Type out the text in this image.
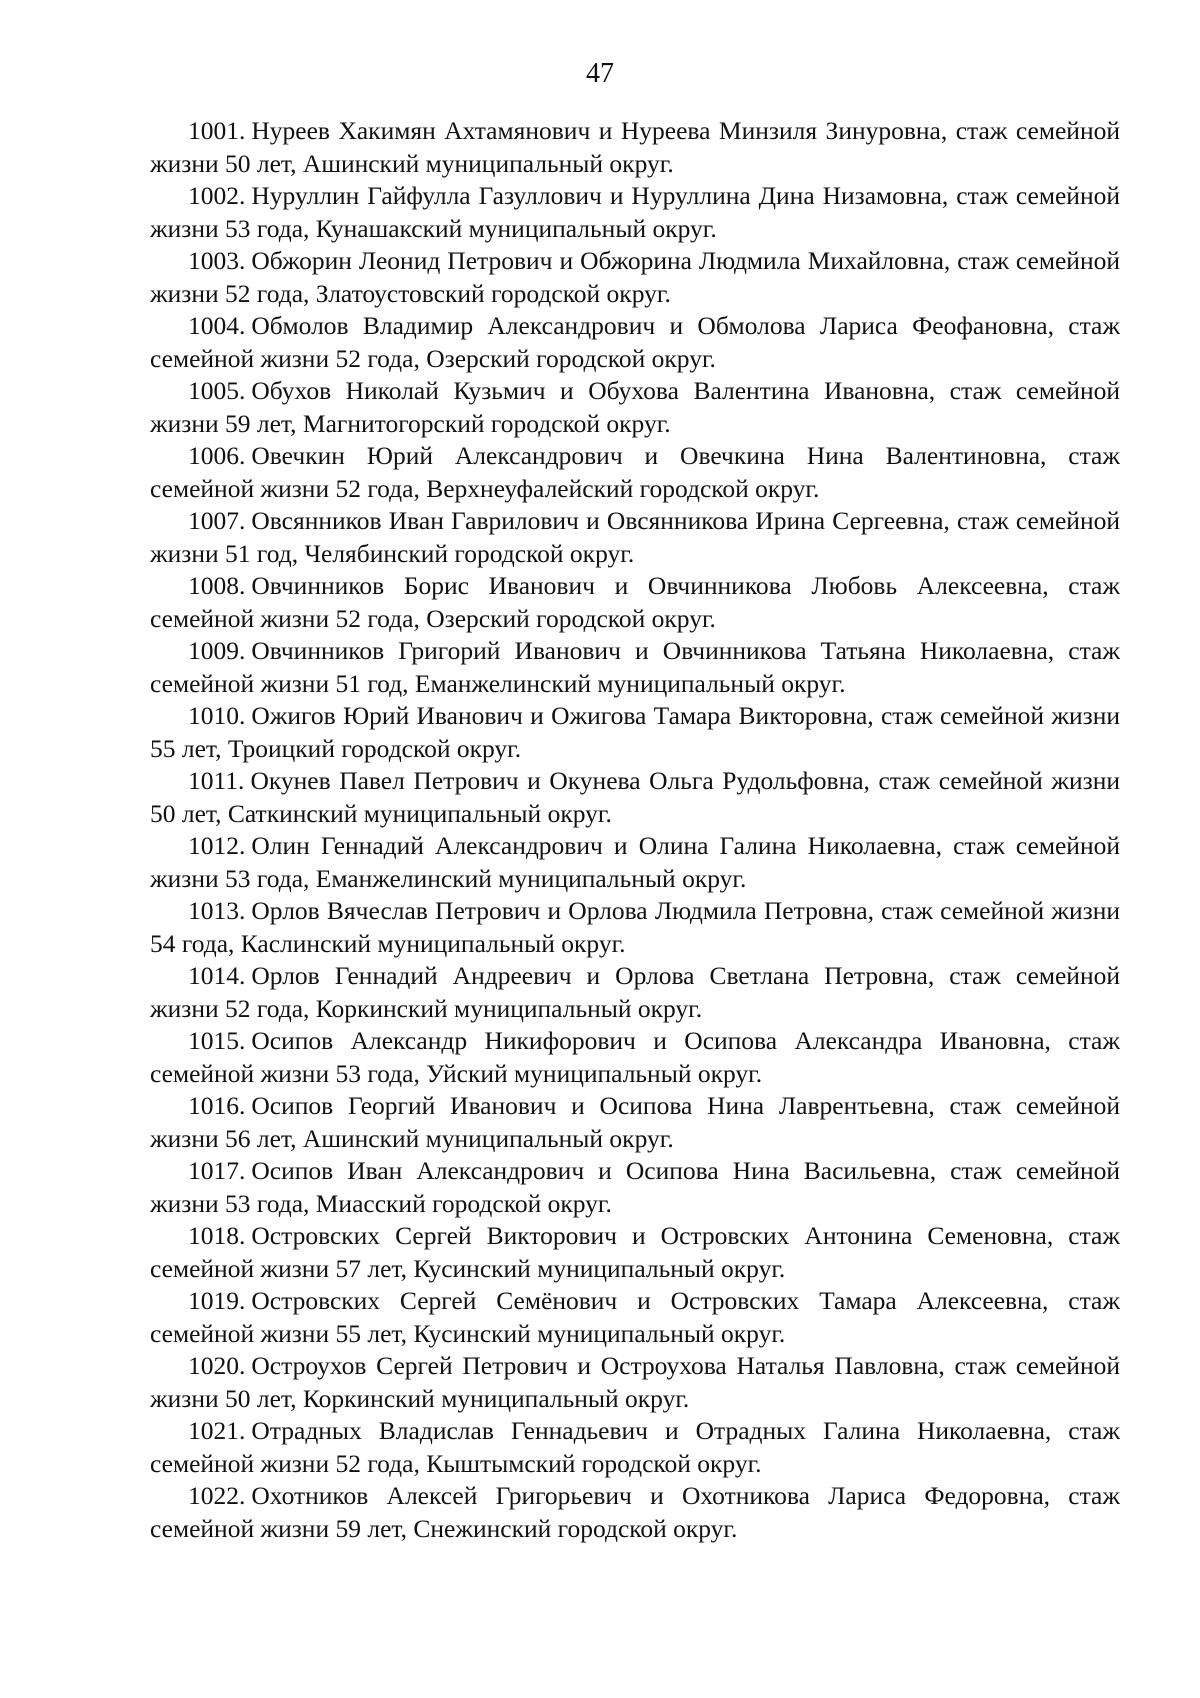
47

1001. Нуреев Хакимян Ахтамянович и Нуреева Минзиля Зинуровна, стаж семейной жизни 50 лет, Ашинский муниципальный округ.

1002. Нуруллин Гайфулла Газуллович и Нуруллина Дина Низамовна, стаж семейной жизни 53 года, Кунашакский муниципальный округ.

1003. Обжорин Леонид Петрович и Обжорина Людмила Михайловна, стаж семейной жизни 52 года, Златоустовский городской округ.

1004. Обмолов Владимир Александрович и Обмолова Лариса Феофановна, стаж семейной жизни 52 года, Озерский городской округ.

1005. Обухов Николай Кузьмич и Обухова Валентина Ивановна, стаж семейной жизни 59 лет, Магнитогорский городской округ.

1006. Овечкин Юрий Александрович и Овечкина Нина Валентиновна, стаж семейной жизни 52 года, Верхнеуфалейский городской округ.

1007. Овсянников Иван Гаврилович и Овсянникова Ирина Сергеевна, стаж семейной жизни 51 год, Челябинский городской округ.

1008. Овчинников Борис Иванович и Овчинникова Любовь Алексеевна, стаж семейной жизни 52 года, Озерский городской округ.

1009. Овчинников Григорий Иванович и Овчинникова Татьяна Николаевна, стаж семейной жизни 51 год, Еманжелинский муниципальный округ.

1010. Ожигов Юрий Иванович и Ожигова Тамара Викторовна, стаж семейной жизни 55 лет, Троицкий городской округ.

1011. Окунев Павел Петрович и Окунева Ольга Рудольфовна, стаж семейной жизни 50 лет, Саткинский муниципальный округ.

1012. Олин Геннадий Александрович и Олина Галина Николаевна, стаж семейной жизни 53 года, Еманжелинский муниципальный округ.

1013. Орлов Вячеслав Петрович и Орлова Людмила Петровна, стаж семейной жизни 54 года, Каслинский муниципальный округ.

1014. Орлов Геннадий Андреевич и Орлова Светлана Петровна, стаж семейной жизни 52 года, Коркинский муниципальный округ.

1015. Осипов Александр Никифорович и Осипова Александра Ивановна, стаж семейной жизни 53 года, Уйский муниципальный округ.

1016. Осипов Георгий Иванович и Осипова Нина Лаврентьевна, стаж семейной жизни 56 лет, Ашинский муниципальный округ.

1017. Осипов Иван Александрович и Осипова Нина Васильевна, стаж семейной жизни 53 года, Миасский городской округ.

1018. Островских Сергей Викторович и Островских Антонина Семеновна, стаж семейной жизни 57 лет, Кусинский муниципальный округ.

1019. Островских Сергей Семёнович и Островских Тамара Алексеевна, стаж семейной жизни 55 лет, Кусинский муниципальный округ.

1020. Остроухов Сергей Петрович и Остроухова Наталья Павловна, стаж семейной жизни 50 лет, Коркинский муниципальный округ.

1021. Отрадных Владислав Геннадьевич и Отрадных Галина Николаевна, стаж семейной жизни 52 года, Кыштымский городской округ.

1022. Охотников Алексей Григорьевич и Охотникова Лариса Федоровна, стаж семейной жизни 59 лет, Снежинский городской округ.
